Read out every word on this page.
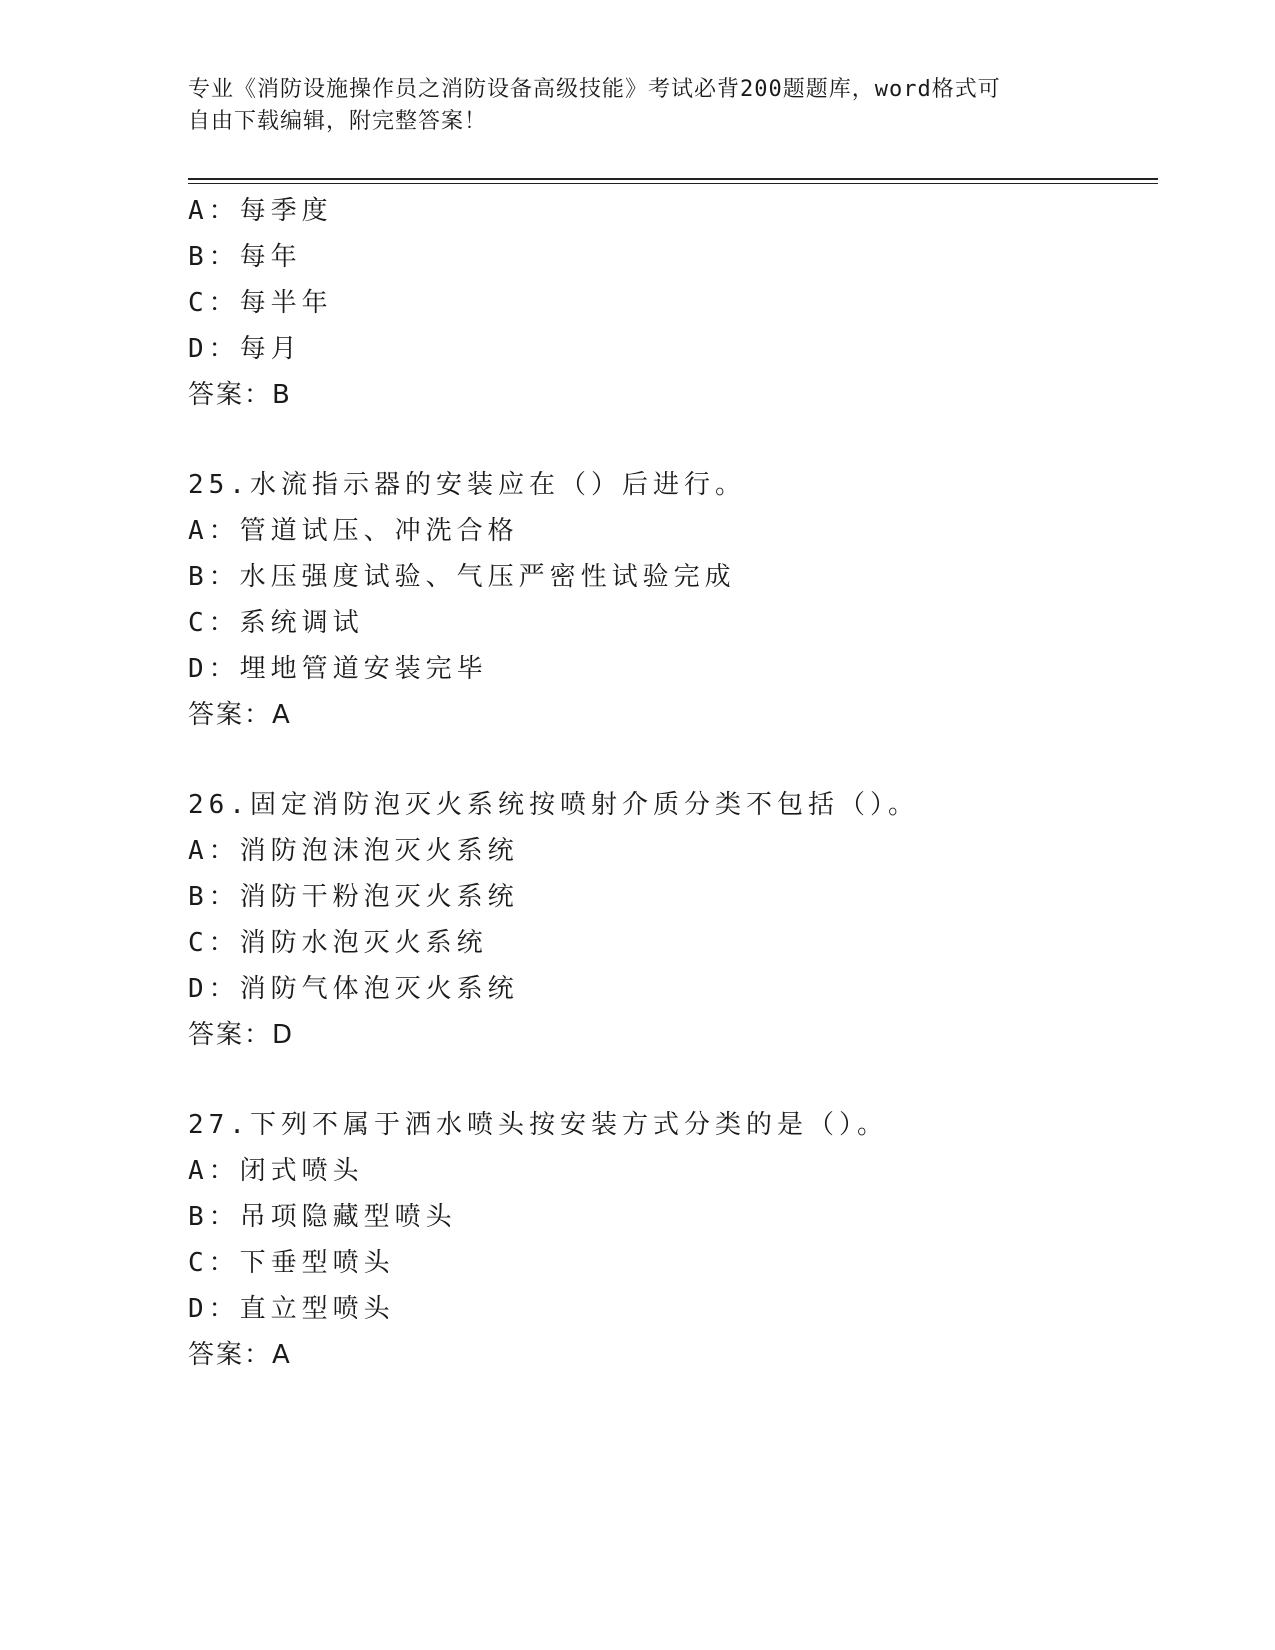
专业《消防设施操作员之消防设备高级技能》考试必背200题题库，word格式可
自由下载编辑，附完整答案！
A：每季度
B：每年
C：每半年
D：每月
答案：B
25.水流指示器的安装应在（）后进行。
A：管道试压、冲洗合格
B：水压强度试验、气压严密性试验完成
C：系统调试
D：埋地管道安装完毕
答案：A
26.固定消防泡灭火系统按喷射介质分类不包括（）。
A：消防泡沫泡灭火系统
B：消防干粉泡灭火系统
C：消防水泡灭火系统
D：消防气体泡灭火系统
答案：D
27.下列不属于洒水喷头按安装方式分类的是（）。
A：闭式喷头
B：吊项隐藏型喷头
C：下垂型喷头
D：直立型喷头
答案：A
